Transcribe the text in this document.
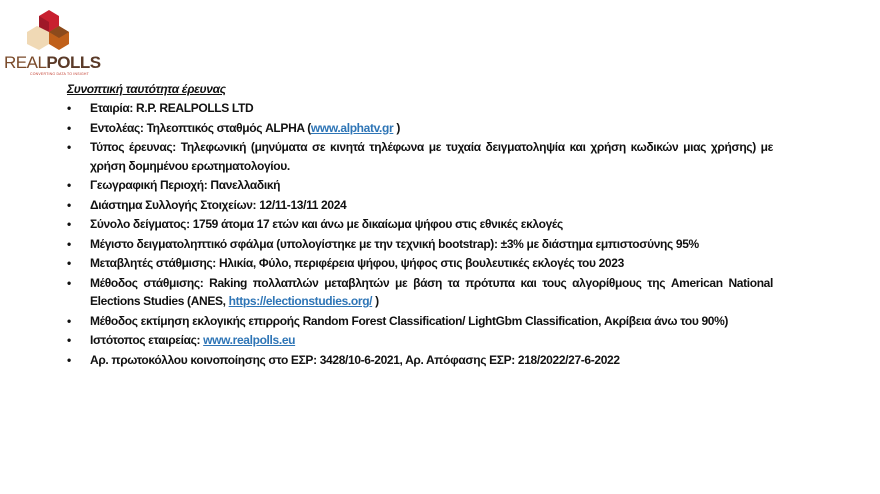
REALPOLLS
CONVERTING DATA TO INSIGHT
Συνοπτική ταυτότητα έρευνας
• Εταιρία: R.P. REALPOLLS LTD
• Εντολέας: Τηλεοπτικός σταθμός ALPHA (www.alphatv.gr )
• Τύπος έρευνας: Τηλεφωνική (μηνύματα σε κινητά τηλέφωνα με τυχαία δειγματοληψία και χρήση κωδικών μιας χρήσης) με χρήση δομημένου ερωτηματολογίου.
• Γεωγραφική Περιοχή: Πανελλαδική
• Διάστημα Συλλογής Στοιχείων: 12/11-13/11 2024
• Σύνολο δείγματος: 1759 άτομα 17 ετών και άνω με δικαίωμα ψήφου στις εθνικές εκλογές
• Μέγιστο δειγματοληπτικό σφάλμα (υπολογίστηκε με την τεχνική bootstrap): ±3% με διάστημα εμπιστοσύνης 95%
• Μεταβλητές στάθμισης: Ηλικία, Φύλο, περιφέρεια ψήφου, ψήφος στις βουλευτικές εκλογές του 2023
• Μέθοδος στάθμισης: Raking πολλαπλών μεταβλητών με βάση τα πρότυπα και τους αλγορίθμους της American National Elections Studies (ANES, https://electionstudies.org/ )
• Μέθοδος εκτίμηση εκλογικής επιρροής Random Forest Classification/ LightGbm Classification, Ακρίβεια άνω του 90%)
• Ιστότοπος εταιρείας: www.realpolls.eu
• Αρ. πρωτοκόλλου κοινοποίησης στο ΕΣΡ: 3428/10-6-2021, Αρ. Απόφασης ΕΣΡ: 218/2022/27-6-2022
